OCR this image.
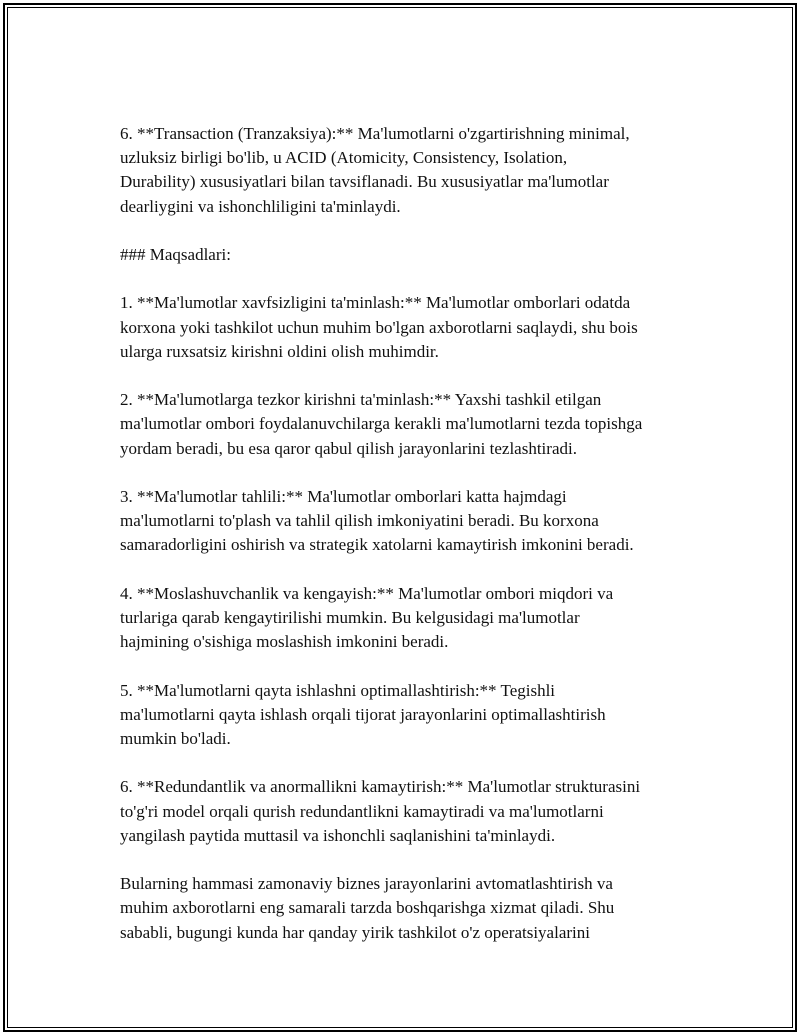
6. **Transaction (Tranzaksiya):** Ma'lumotlarni o'zgartirishning minimal,
uzluksiz birligi bo'lib, u ACID (Atomicity, Consistency, Isolation,
Durability) xususiyatlari bilan tavsiflanadi. Bu xususiyatlar ma'lumotlar
dearliygini va ishonchliligini ta'minlaydi.

### Maqsadlari:

1. **Ma'lumotlar xavfsizligini ta'minlash:** Ma'lumotlar omborlari odatda
korxona yoki tashkilot uchun muhim bo'lgan axborotlarni saqlaydi, shu bois
ularga ruxsatsiz kirishni oldini olish muhimdir.

2. **Ma'lumotlarga tezkor kirishni ta'minlash:** Yaxshi tashkil etilgan
ma'lumotlar ombori foydalanuvchilarga kerakli ma'lumotlarni tezda topishga
yordam beradi, bu esa qaror qabul qilish jarayonlarini tezlashtiradi.

3. **Ma'lumotlar tahlili:** Ma'lumotlar omborlari katta hajmdagi
ma'lumotlarni to'plash va tahlil qilish imkoniyatini beradi. Bu korxona
samaradorligini oshirish va strategik xatolarni kamaytirish imkonini beradi.

4. **Moslashuvchanlik va kengayish:** Ma'lumotlar ombori miqdori va
turlariga qarab kengaytirilishi mumkin. Bu kelgusidagi ma'lumotlar
hajmining o'sishiga moslashish imkonini beradi.

5. **Ma'lumotlarni qayta ishlashni optimallashtirish:** Tegishli
ma'lumotlarni qayta ishlash orqali tijorat jarayonlarini optimallashtirish
mumkin bo'ladi.

6. **Redundantlik va anormallikni kamaytirish:** Ma'lumotlar strukturasini
to'g'ri model orqali qurish redundantlikni kamaytiradi va ma'lumotlarni
yangilash paytida muttasil va ishonchli saqlanishini ta'minlaydi.

Bularning hammasi zamonaviy biznes jarayonlarini avtomatlashtirish va
muhim axborotlarni eng samarali tarzda boshqarishga xizmat qiladi. Shu
sababli, bugungi kunda har qanday yirik tashkilot o'z operatsiyalarini
